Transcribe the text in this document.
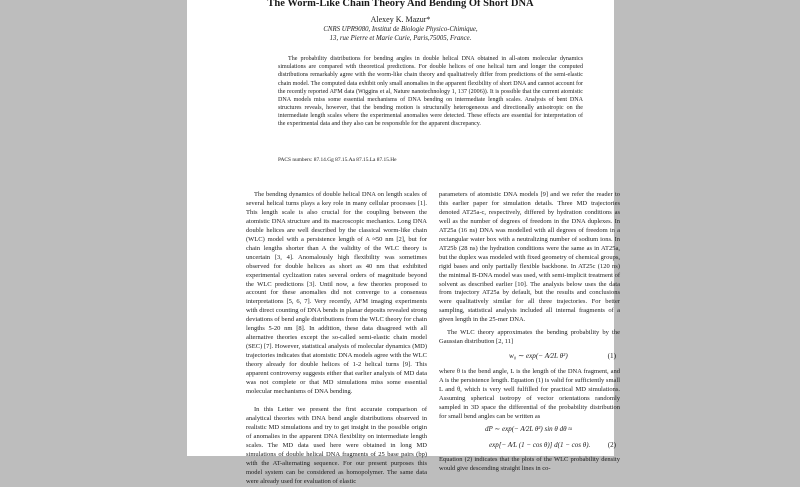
The Worm-Like Chain Theory And Bending Of Short DNA
Alexey K. Mazur*
CNRS UPR9080, Institut de Biologie Physico-Chimique,
13, rue Pierre et Marie Curie, Paris,75005, France.

The probability distributions for bending angles in double helical DNA obtained in all-atom molecular dynamics simulations are compared with theoretical predictions. For double helices of one helical turn and longer the computed distributions remarkably agree with the worm-like chain theory and qualitatively differ from predictions of the semi-elastic chain model. The computed data exhibit only small anomalies in the apparent flexibility of short DNA and cannot account for the recently reported AFM data (Wiggins et al, Nature nanotechnology 1, 137 (2006)). It is possible that the current atomistic DNA models miss some essential mechanisms of DNA bending on intermediate length scales. Analysis of bent DNA structures reveals, however, that the bending motion is structurally heterogeneous and directionally anisotropic on the intermediate length scales where the experimental anomalies were detected. These effects are essential for interpretation of the experimental data and they also can be responsible for the apparent discrepancy.

PACS numbers: 87.14.Gg 87.15.Aa 87.15.La 87.15.He

The bending dynamics of double helical DNA on length scales of several helical turns plays a key role in many cellular processes [1]. This length scale is also crucial for the coupling between the atomistic DNA structure and its macroscopic mechanics. Long DNA double helices are well described by the classical worm-like chain (WLC) model with a persistence length of A ≈50 nm [2], but for chain lengths shorter than A the validity of the WLC theory is uncertain [3, 4]. Anomalously high flexibility was sometimes observed for double helices as short as 40 nm that exhibited experimental cyclization rates several orders of magnitude beyond the WLC predictions [3]. Until now, a few theories proposed to account for these anomalies did not converge to a consensus interpretations [5, 6, 7]. Very recently, AFM imaging experiments with direct counting of DNA bends in planar deposits revealed strong deviations of bend angle distributions from the WLC theory for chain lengths 5-20 nm [8]. In addition, these data disagreed with all alternative theories except the so-called semi-elastic chain model (SEC) [7]. However, statistical analysis of molecular dynamics (MD) trajectories indicates that atomistic DNA models agree with the WLC theory already for double helices of 1-2 helical turns [9]. This apparent controversy suggests either that earlier analysis of MD data was not complete or that MD simulations miss some essential molecular mechanisms of DNA bending.

In this Letter we present the first accurate comparison of analytical theories with DNA bend angle distributions observed in realistic MD simulations and try to get insight in the possible origin of anomalies in the apparent DNA flexibility on intermediate length scales. The MD data used here were obtained in long MD simulations of double helical DNA fragments of 25 base pairs (bp) with the AT-alternating sequence. For our present purposes this model system can be considered as homopolymer. The same data were already used for evaluation of elastic

parameters of atomistic DNA models [9] and we refer the reader to this earlier paper for simulation details. Three MD trajectories denoted AT25a-c, respectively, differed by hydration conditions as well as the number of degrees of freedom in the DNA duplexes. In AT25a (16 ns) DNA was modelled with all degrees of freedom in a rectangular water box with a neutralizing number of sodium ions. In AT25b (28 ns) the hydration conditions were the same as in AT25a, but the duplex was modeled with fixed geometry of chemical groups, rigid bases and only partially flexible backbone. In AT25c (120 ns) the minimal B-DNA model was used, with semi-implicit treatment of solvent as described earlier [10]. The analysis below uses the data from trajectory AT25a by default, but the results and conclusions were qualitatively similar for all three trajectories. For better sampling, statistical analysis included all internal fragments of a given length in the 25-mer DNA.

The WLC theory approximates the bending probability by the Gaussian distribution [2, 11]

w₀ ∼ exp(− A⁄2L θ²)	(1)

where θ is the bend angle, L is the length of the DNA fragment, and A is the persistence length. Equation (1) is valid for sufficiently small L and θ, which is very well fulfilled for practical MD simulations. Assuming spherical isotropy of vector orientations randomly sampled in 3D space the differential of the probability distribution for small bend angles can be written as

dP ∼ exp(− A⁄2L θ²) sin θ dθ ≈
exp[− A⁄L (1 − cos θ)] d(1 − cos θ).	(2)

Equation (2) indicates that the plots of the WLC probability density would give descending straight lines in co-
